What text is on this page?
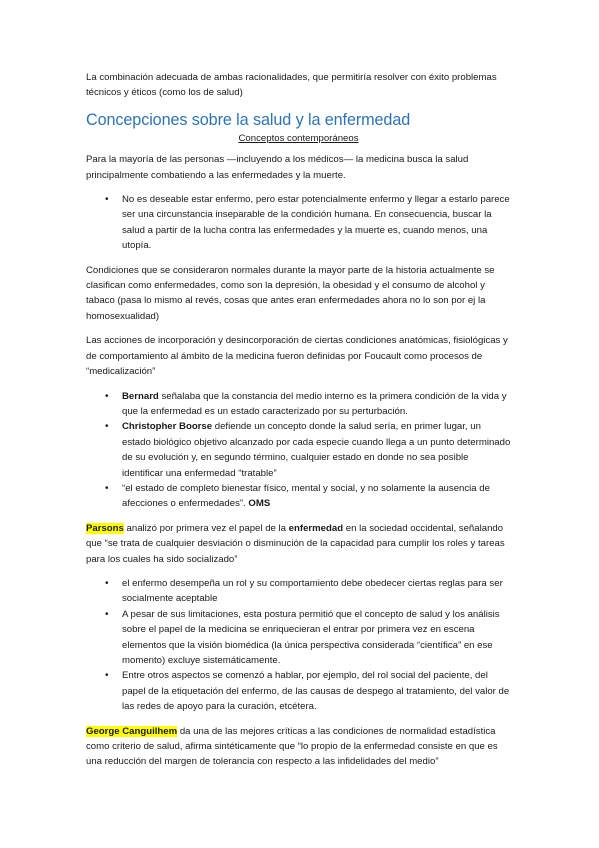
La combinación adecuada de ambas racionalidades, que permitiría resolver con éxito problemas técnicos y éticos (como los de salud)

Concepciones sobre la salud y la enfermedad

Conceptos contemporáneos

Para la mayoría de las personas —incluyendo a los médicos— la medicina busca la salud principalmente combatiendo a las enfermedades y la muerte.

• No es deseable estar enfermo, pero estar potencialmente enfermo y llegar a estarlo parece ser una circunstancia inseparable de la condición humana. En consecuencia, buscar la salud a partir de la lucha contra las enfermedades y la muerte es, cuando menos, una utopía.

Condiciones que se consideraron normales durante la mayor parte de la historia actualmente se clasifican como enfermedades, como son la depresión, la obesidad y el consumo de alcohol y tabaco (pasa lo mismo al revés, cosas que antes eran enfermedades ahora no lo son por ej la homosexualidad)

Las acciones de incorporación y desincorporación de ciertas condiciones anatómicas, fisiológicas y de comportamiento al ámbito de la medicina fueron definidas por Foucault como procesos de “medicalización”

• Bernard señalaba que la constancia del medio interno es la primera condición de la vida y que la enfermedad es un estado caracterizado por su perturbación.
• Christopher Boorse defiende un concepto donde la salud sería, en primer lugar, un estado biológico objetivo alcanzado por cada especie cuando llega a un punto determinado de su evolución y, en segundo término, cualquier estado en donde no sea posible identificar una enfermedad “tratable”
• “el estado de completo bienestar físico, mental y social, y no solamente la ausencia de afecciones o enfermedades”. OMS

Parsons analizó por primera vez el papel de la enfermedad en la sociedad occidental, señalando que “se trata de cualquier desviación o disminución de la capacidad para cumplir los roles y tareas para los cuales ha sido socializado”

• el enfermo desempeña un rol y su comportamiento debe obedecer ciertas reglas para ser socialmente aceptable
• A pesar de sus limitaciones, esta postura permitió que el concepto de salud y los análisis sobre el papel de la medicina se enriquecieran el entrar por primera vez en escena elementos que la visión biomédica (la única perspectiva considerada “científica” en ese momento) excluye sistemáticamente.
• Entre otros aspectos se comenzó a hablar, por ejemplo, del rol social del paciente, del papel de la etiquetación del enfermo, de las causas de despego al tratamiento, del valor de las redes de apoyo para la curación, etcétera.

George Canguilhem da una de las mejores críticas a las condiciones de normalidad estadística como criterio de salud, afirma sintéticamente que “lo propio de la enfermedad consiste en que es una reducción del margen de tolerancia con respecto a las infidelidades del medio”
